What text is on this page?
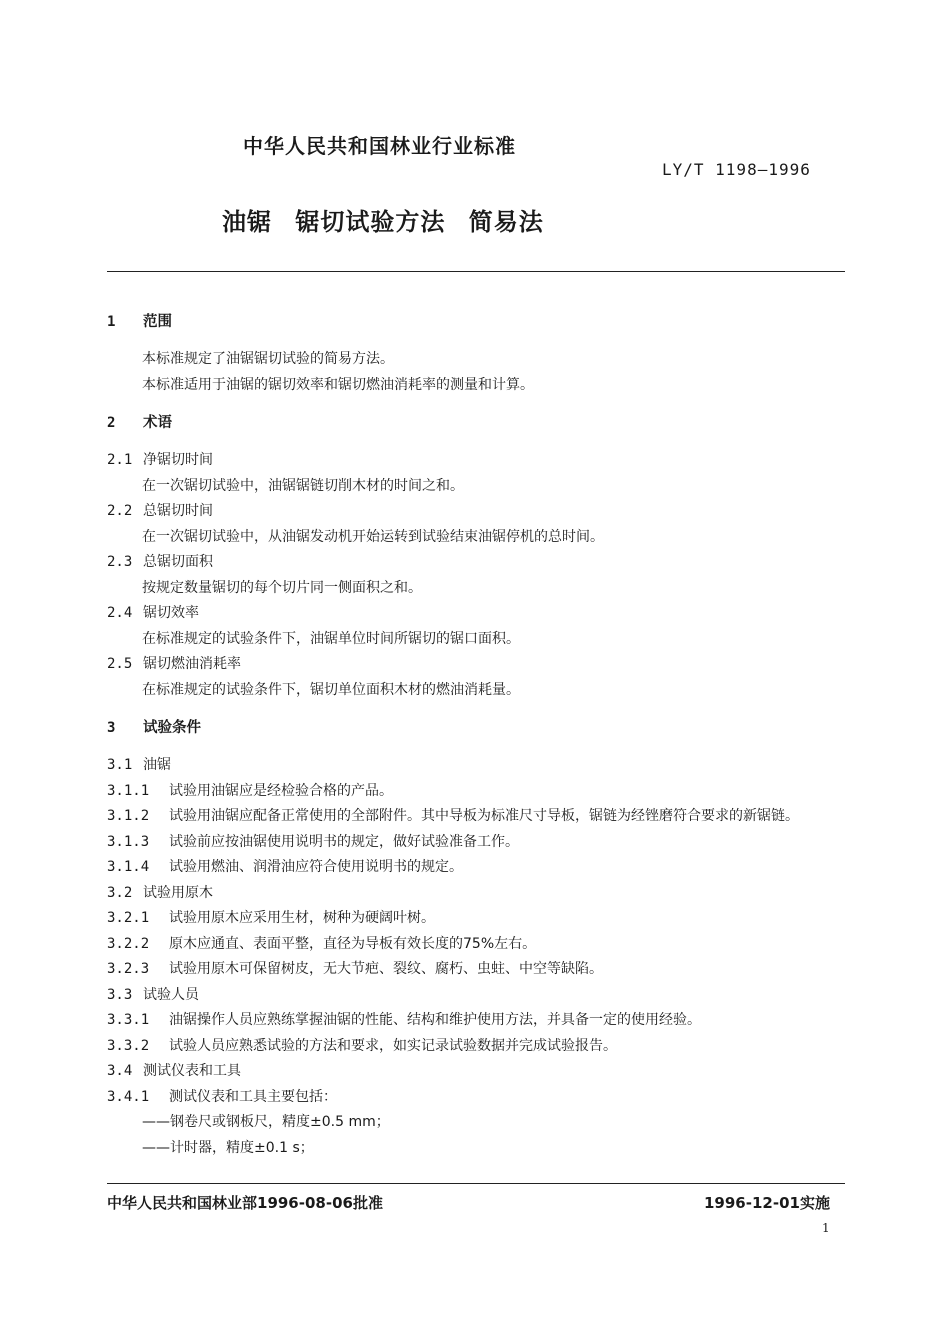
中华人民共和国林业行业标准
LY/T 1198—1996
油锯 锯切试验方法 简易法
1 范围
本标准规定了油锯锯切试验的简易方法。
本标准适用于油锯的锯切效率和锯切燃油消耗率的测量和计算。
2 术语
2.1 净锯切时间
在一次锯切试验中，油锯锯链切削木材的时间之和。
2.2 总锯切时间
在一次锯切试验中，从油锯发动机开始运转到试验结束油锯停机的总时间。
2.3 总锯切面积
按规定数量锯切的每个切片同一侧面积之和。
2.4 锯切效率
在标准规定的试验条件下，油锯单位时间所锯切的锯口面积。
2.5 锯切燃油消耗率
在标准规定的试验条件下，锯切单位面积木材的燃油消耗量。
3 试验条件
3.1 油锯
3.1.1 试验用油锯应是经检验合格的产品。
3.1.2 试验用油锯应配备正常使用的全部附件。其中导板为标准尺寸导板，锯链为经锉磨符合要求的新锯链。
3.1.3 试验前应按油锯使用说明书的规定，做好试验准备工作。
3.1.4 试验用燃油、润滑油应符合使用说明书的规定。
3.2 试验用原木
3.2.1 试验用原木应采用生材，树种为硬阔叶树。
3.2.2 原木应通直、表面平整，直径为导板有效长度的75%左右。
3.2.3 试验用原木可保留树皮，无大节疤、裂纹、腐朽、虫蛀、中空等缺陷。
3.3 试验人员
3.3.1 油锯操作人员应熟练掌握油锯的性能、结构和维护使用方法，并具备一定的使用经验。
3.3.2 试验人员应熟悉试验的方法和要求，如实记录试验数据并完成试验报告。
3.4 测试仪表和工具
3.4.1 测试仪表和工具主要包括：
——钢卷尺或钢板尺，精度±0.5 mm；
——计时器，精度±0.1 s；
中华人民共和国林业部1996-08-06批准	1996-12-01实施
1
